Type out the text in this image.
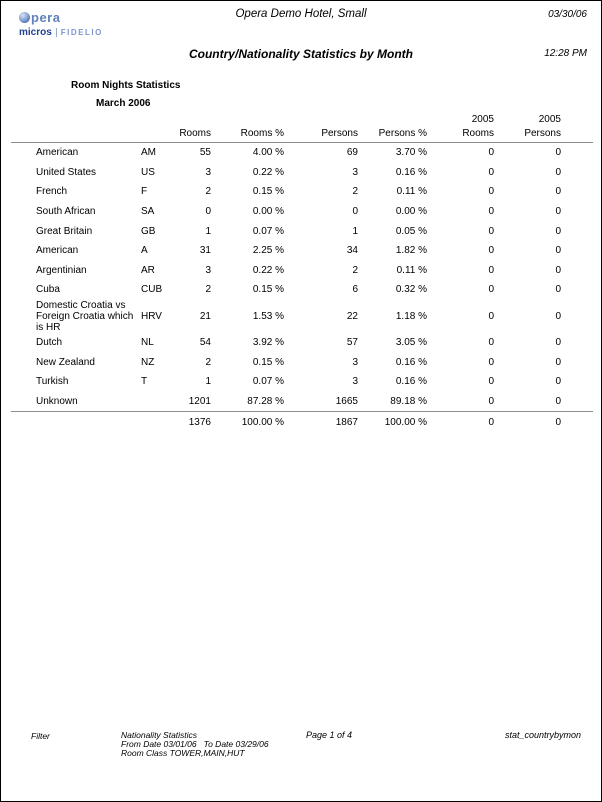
pera
micros FIDELIO
Opera Demo Hotel, Small	03/30/06
Country/Nationality Statistics by Month	12:28 PM
Room Nights Statistics
March 2006
						2005	2005
		Rooms	Rooms %	Persons	Persons %	Rooms	Persons
American	AM	55	4.00 %	69	3.70 %	0	0
United States	US	3	0.22 %	3	0.16 %	0	0
French	F	2	0.15 %	2	0.11 %	0	0
South African	SA	0	0.00 %	0	0.00 %	0	0
Great Britain	GB	1	0.07 %	1	0.05 %	0	0
American	A	31	2.25 %	34	1.82 %	0	0
Argentinian	AR	3	0.22 %	2	0.11 %	0	0
Cuba	CUB	2	0.15 %	6	0.32 %	0	0
Domestic Croatia vs Foreign Croatia which is HR	HRV	21	1.53 %	22	1.18 %	0	0
Dutch	NL	54	3.92 %	57	3.05 %	0	0
New Zealand	NZ	2	0.15 %	3	0.16 %	0	0
Turkish	T	1	0.07 %	3	0.16 %	0	0
Unknown		1201	87.28 %	1665	89.18 %	0	0
		1376	100.00 %	1867	100.00 %	0	0
Filter	Nationality Statistics
From Date 03/01/06   To Date 03/29/06
Room Class TOWER,MAIN,HUT
Page 1 of 4	stat_countrybymon
